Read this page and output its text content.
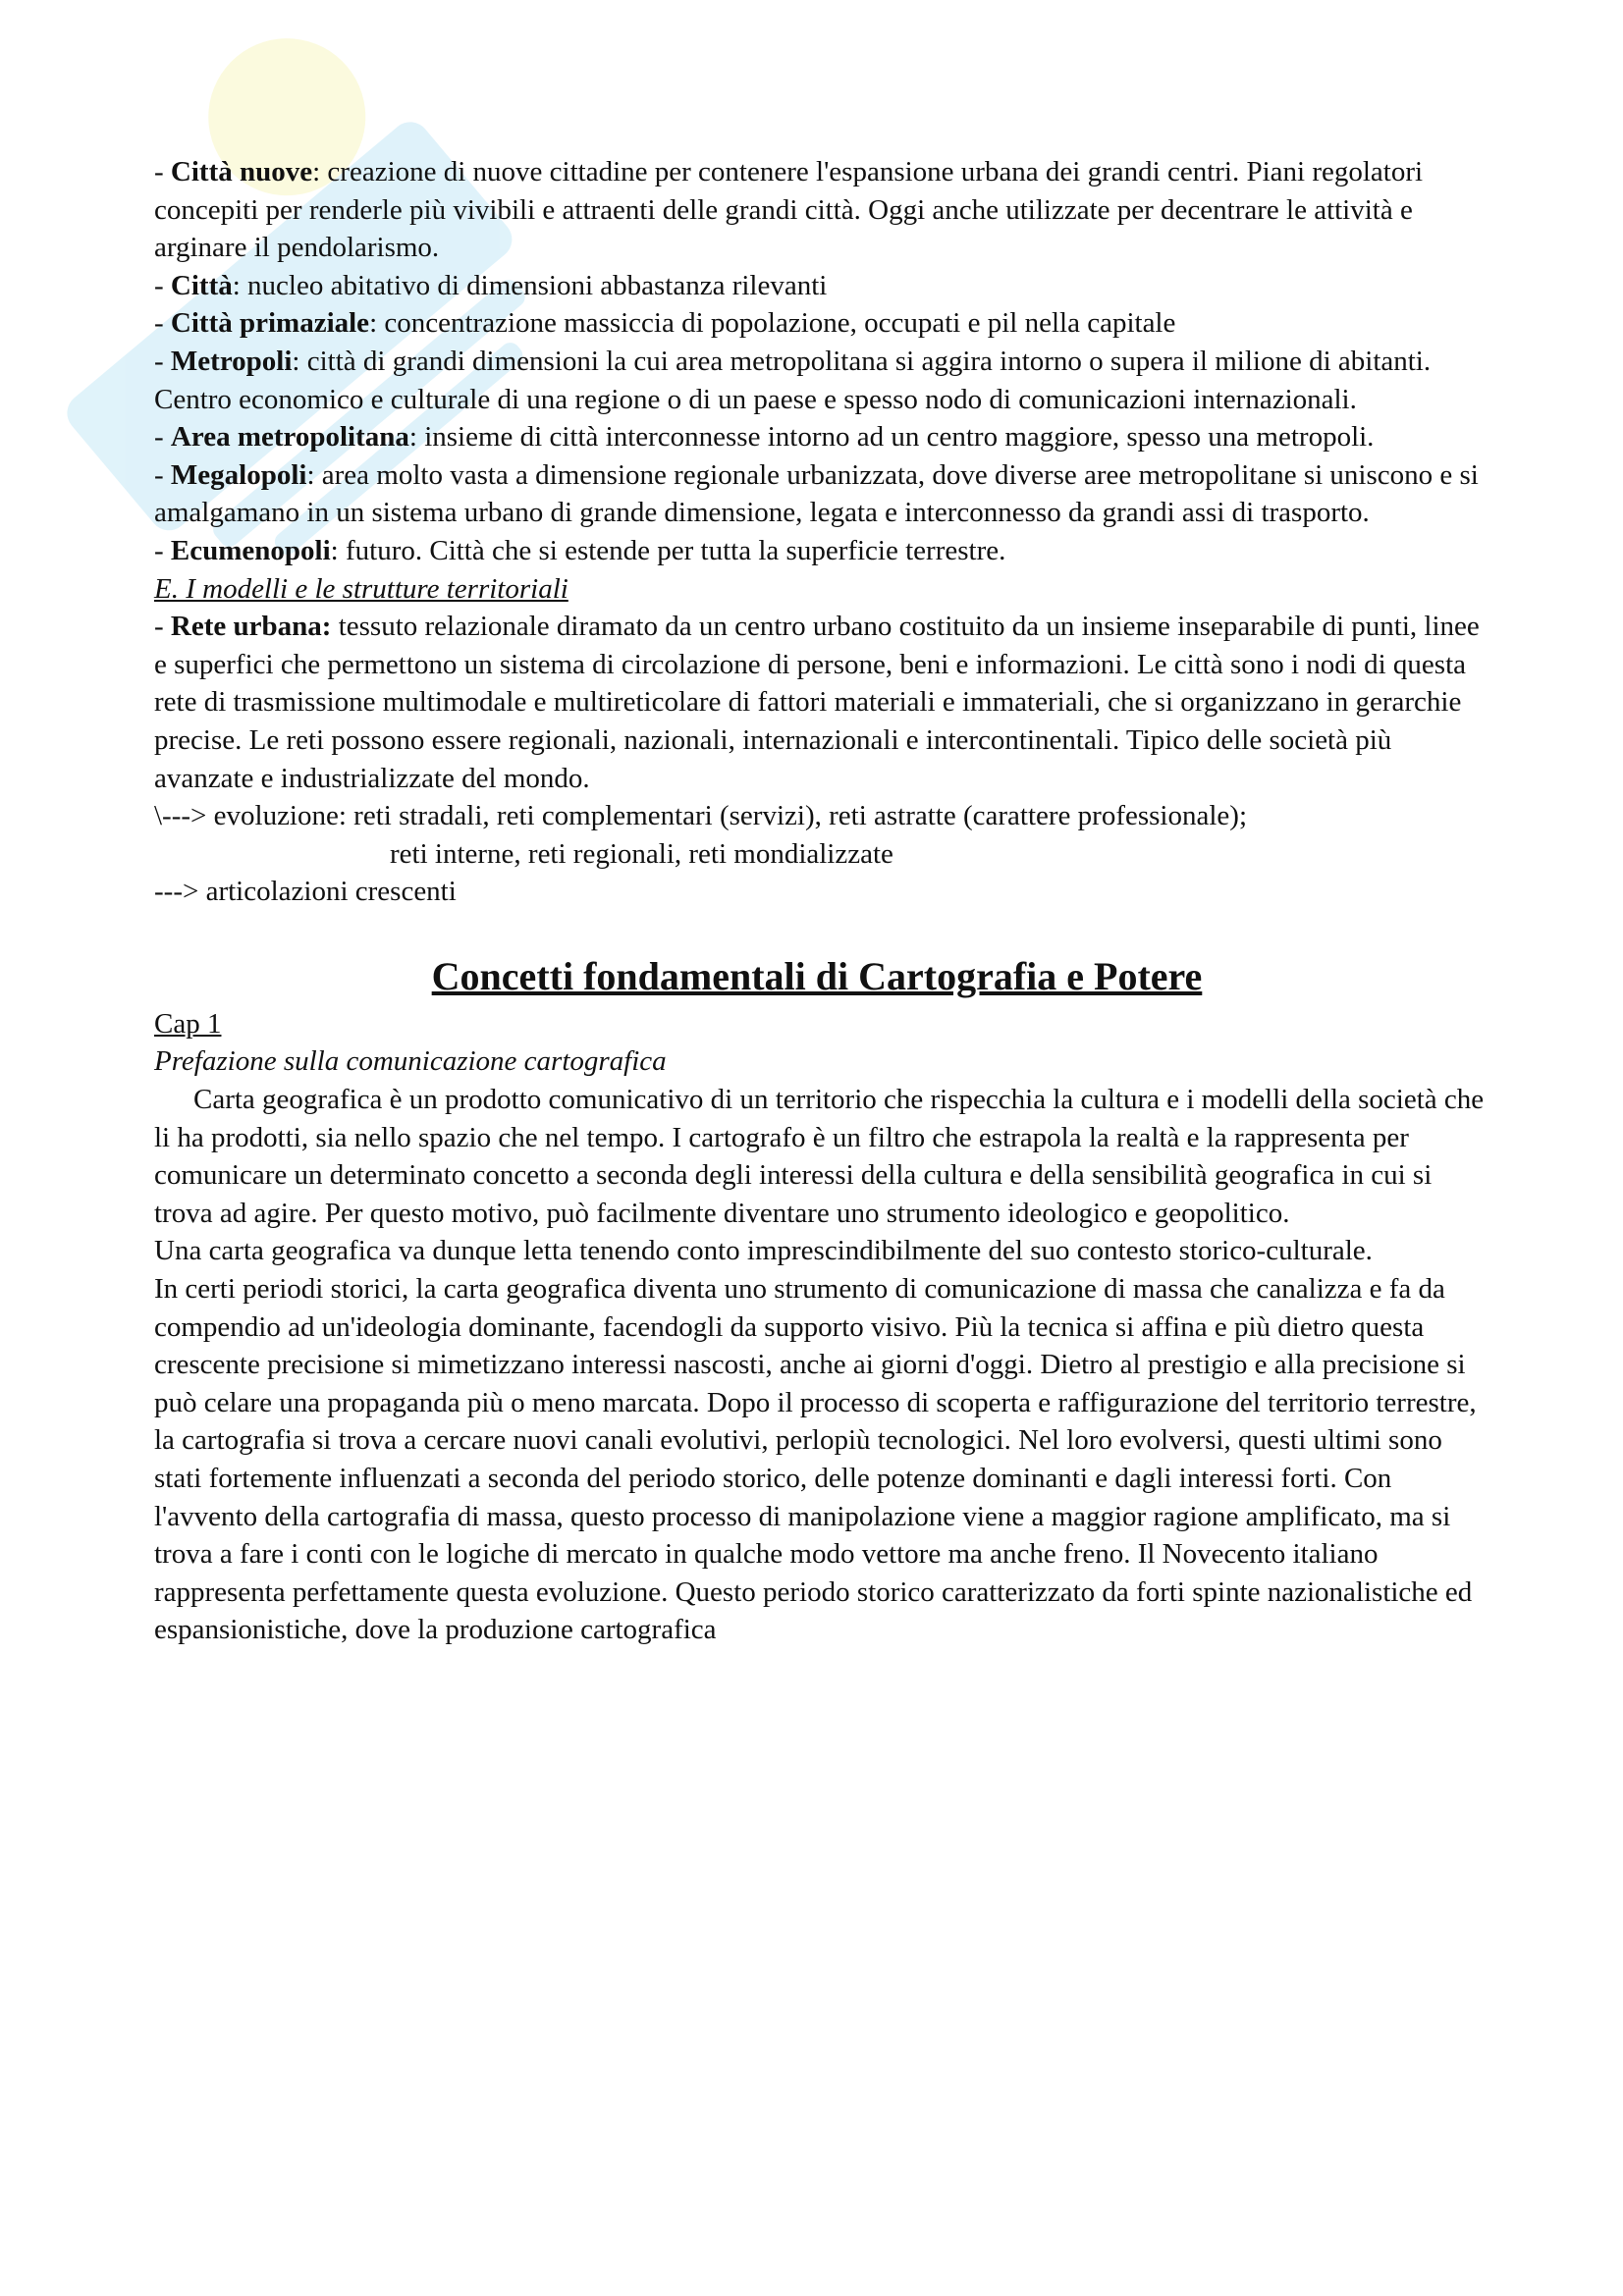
- Città nuove: creazione di nuove cittadine per contenere l'espansione urbana dei grandi centri. Piani regolatori concepiti per renderle più vivibili e attraenti delle grandi città. Oggi anche utilizzate per decentrare le attività e arginare il pendolarismo.

- Città: nucleo abitativo di dimensioni abbastanza rilevanti

- Città primaziale: concentrazione massiccia di popolazione, occupati e pil nella capitale

- Metropoli: città di grandi dimensioni la cui area metropolitana si aggira intorno o supera il milione di abitanti. Centro economico e culturale di una regione o di un paese e spesso nodo di comunicazioni internazionali.

- Area metropolitana: insieme di città interconnesse intorno ad un centro maggiore, spesso una metropoli.

- Megalopoli: area molto vasta a dimensione regionale urbanizzata, dove diverse aree metropolitane si uniscono e si amalgamano in un sistema urbano di grande dimensione, legata e interconnesso da grandi assi di trasporto.

- Ecumenopoli: futuro. Città che si estende per tutta la superficie terrestre.

E. I modelli e le strutture territoriali

- Rete urbana: tessuto relazionale diramato da un centro urbano costituito da un insieme inseparabile di punti, linee e superfici che permettono un sistema di circolazione di persone, beni e informazioni. Le città sono i nodi di questa rete di trasmissione multimodale e multireticolare di fattori materiali e immateriali, che si organizzano in gerarchie precise. Le reti possono essere regionali, nazionali, internazionali e intercontinentali. Tipico delle società più avanzate e industrializzate del mondo.

\---> evoluzione: reti stradali, reti complementari (servizi), reti astratte (carattere professionale);

reti interne, reti regionali, reti mondializzate

---> articolazioni crescenti

Concetti fondamentali di Cartografia e Potere

Cap 1

Prefazione sulla comunicazione cartografica

Carta geografica è un prodotto comunicativo di un territorio che rispecchia la cultura e i modelli della società che li ha prodotti, sia nello spazio che nel tempo. I cartografo è un filtro che estrapola la realtà e la rappresenta per comunicare un determinato concetto a seconda degli interessi della cultura e della sensibilità geografica in cui si trova ad agire. Per questo motivo, può facilmente diventare uno strumento ideologico e geopolitico.

Una carta geografica va dunque letta tenendo conto imprescindibilmente del suo contesto storico-culturale.

In certi periodi storici, la carta geografica diventa uno strumento di comunicazione di massa che canalizza e fa da compendio ad un'ideologia dominante, facendogli da supporto visivo. Più la tecnica si affina e più dietro questa crescente precisione si mimetizzano interessi nascosti, anche ai giorni d'oggi. Dietro al prestigio e alla precisione si può celare una propaganda più o meno marcata. Dopo il processo di scoperta e raffigurazione del territorio terrestre, la cartografia si trova a cercare nuovi canali evolutivi, perlopiù tecnologici. Nel loro evolversi, questi ultimi sono stati fortemente influenzati a seconda del periodo storico, delle potenze dominanti e dagli interessi forti. Con l'avvento della cartografia di massa, questo processo di manipolazione viene a maggior ragione amplificato, ma si trova a fare i conti con le logiche di mercato in qualche modo vettore ma anche freno. Il Novecento italiano rappresenta perfettamente questa evoluzione. Questo periodo storico caratterizzato da forti spinte nazionalistiche ed espansionistiche, dove la produzione cartografica
